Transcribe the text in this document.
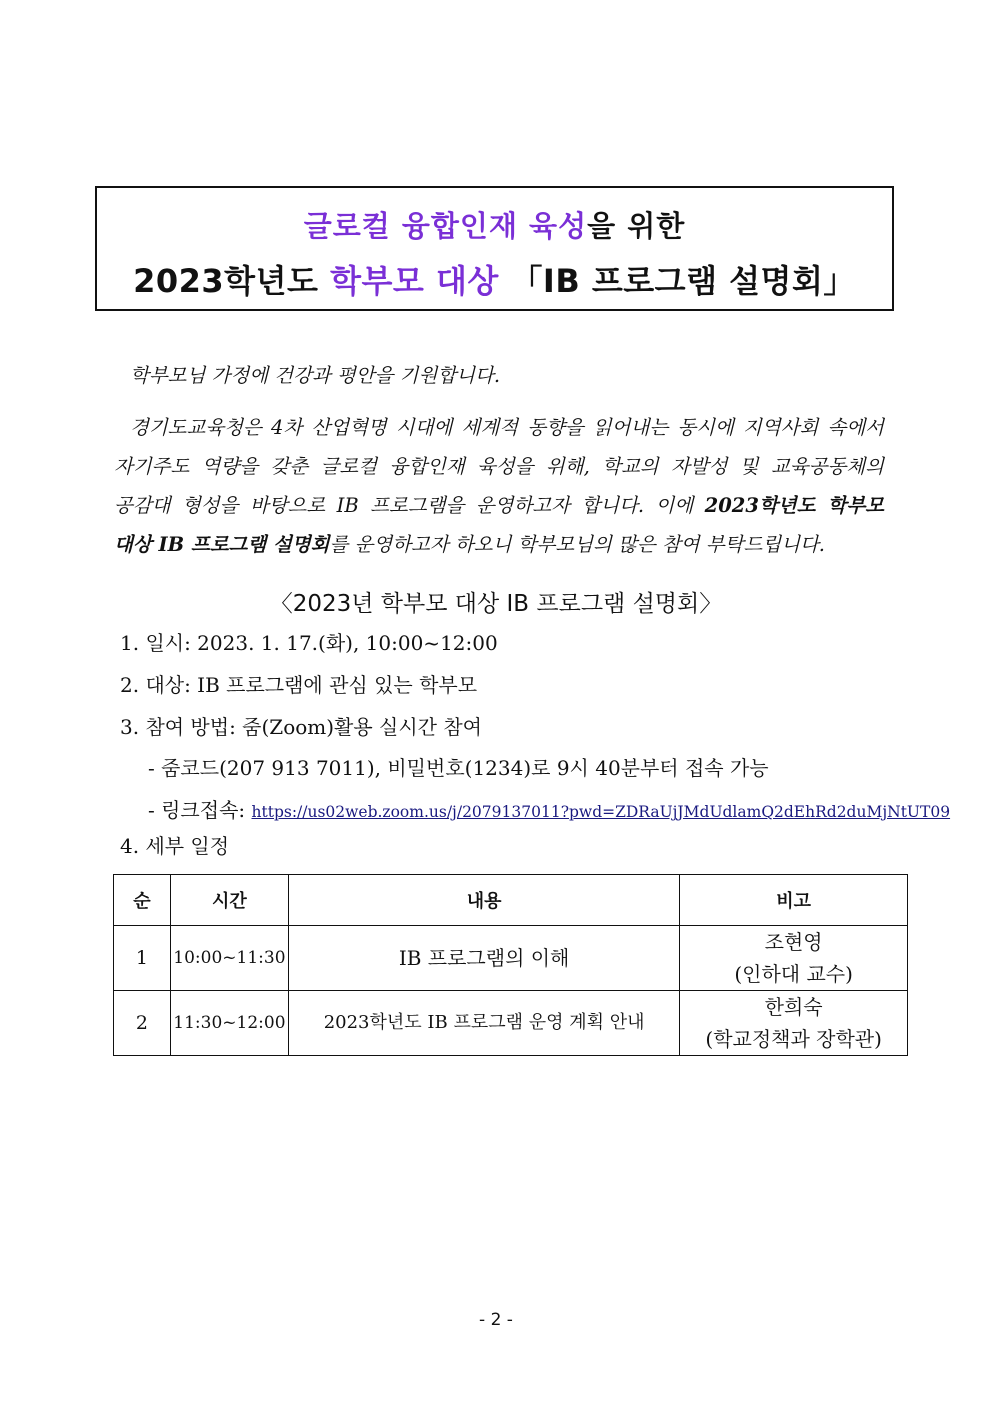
글로컬 융합인재 육성을 위한
2023학년도 학부모 대상 「IB 프로그램 설명회」
학부모님 가정에 건강과 평안을 기원합니다.
경기도교육청은 4차 산업혁명 시대에 세계적 동향을 읽어내는 동시에 지역사회 속에서
자기주도 역량을 갖춘 글로컬 융합인재 육성을 위해, 학교의 자발성 및 교육공동체의
공감대 형성을 바탕으로 IB 프로그램을 운영하고자 합니다. 이에 2023학년도 학부모
대상 IB 프로그램 설명회를 운영하고자 하오니 학부모님의 많은 참여 부탁드립니다.
〈2023년 학부모 대상 IB 프로그램 설명회〉
1. 일시: 2023. 1. 17.(화), 10:00~12:00
2. 대상: IB 프로그램에 관심 있는 학부모
3. 참여 방법: 줌(Zoom)활용 실시간 참여
- 줌코드(207 913 7011), 비밀번호(1234)로 9시 40분부터 접속 가능
- 링크접속: https://us02web.zoom.us/j/2079137011?pwd=ZDRaUjJMdUdlamQ2dEhRd2duMjNtUT09
4. 세부 일정
순	시간	내용	비고
1	10:00~11:30	IB 프로그램의 이해	조현영
(인하대 교수)

2	11:30~12:00	2023학년도 IB 프로그램 운영 계획 안내	한희숙
(학교정책과 장학관)
- 2 -
